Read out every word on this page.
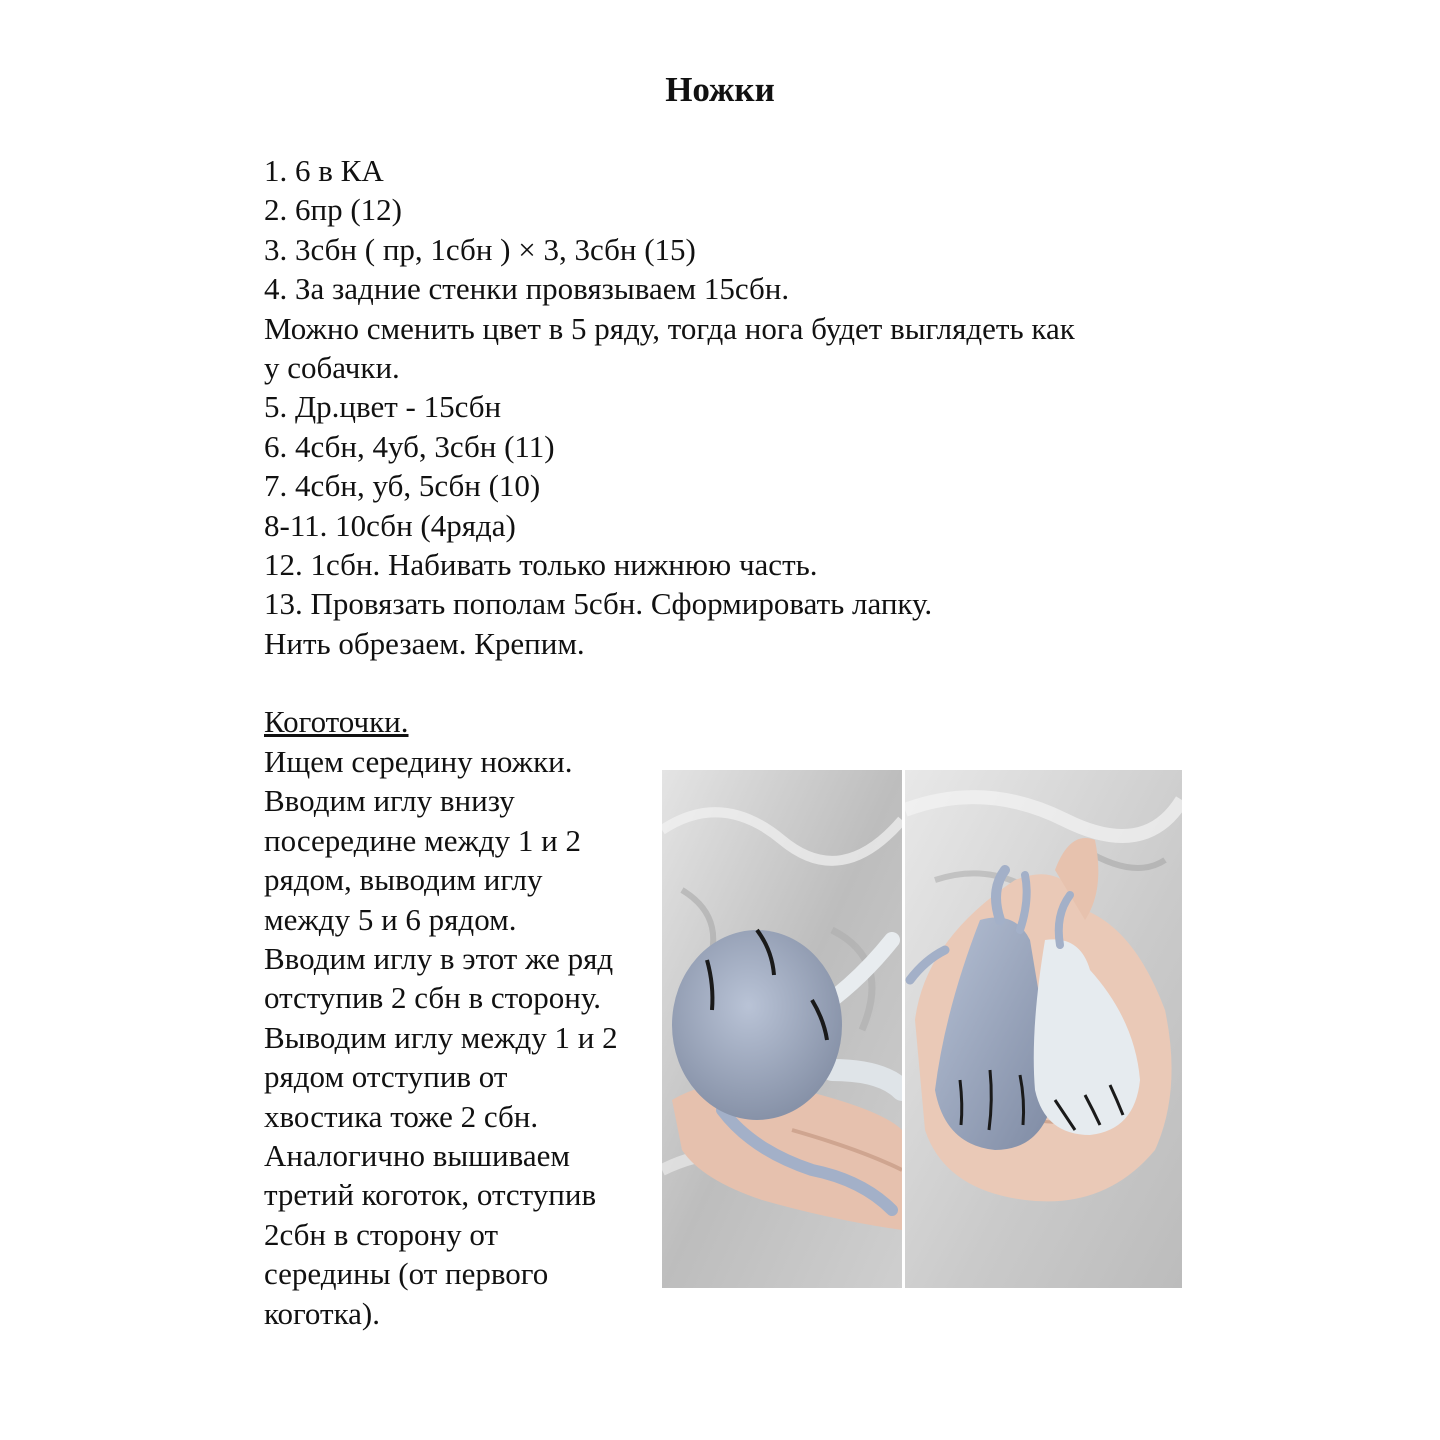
Ножки
1. 6 в КА
2. 6пр (12)
3. 3сбн ( пр, 1сбн ) × 3, 3сбн (15)
4. За задние стенки провязываем 15сбн.
Можно сменить цвет в 5 ряду, тогда нога будет выглядеть как
у собачки.
5. Др.цвет - 15сбн
6. 4сбн, 4уб, 3сбн (11)
7. 4сбн, уб, 5сбн (10)
8-11. 10сбн (4ряда)
12. 1сбн. Набивать только нижнюю часть.
13. Провязать пополам 5сбн. Сформировать лапку.
Нить обрезаем. Крепим.
Коготочки.
Ищем середину ножки.
Вводим иглу внизу
посередине между 1 и 2
рядом, выводим иглу
между 5 и 6 рядом.
Вводим иглу в этот же ряд
отступив 2 сбн в сторону.
Выводим иглу между 1 и 2
рядом отступив от
хвостика тоже 2 сбн.
Аналогично вышиваем
третий коготок, отступив
2сбн в сторону от
середины (от первого
коготка).
